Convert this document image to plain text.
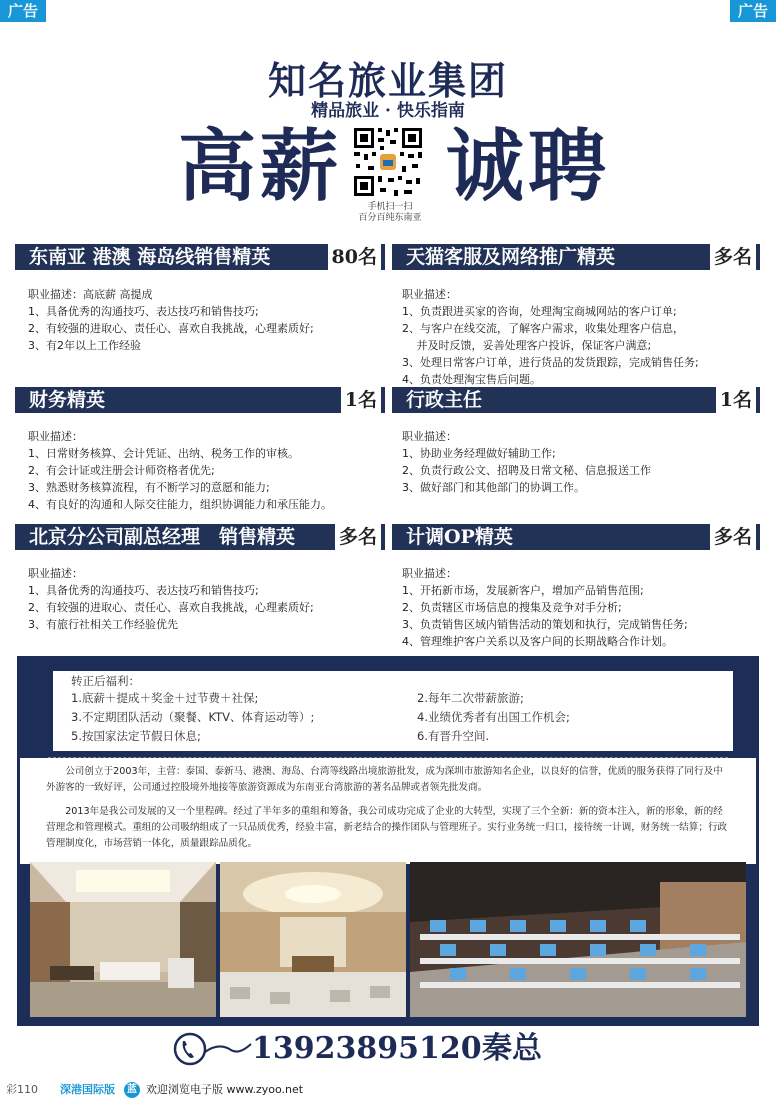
广告	广告
知名旅业集团
精品旅业 · 快乐指南
高薪 诚聘
手机扫一扫
百分百纯东南亚
东南亚 港澳 海岛线销售精英	80名 天猫客服及网络推广精英	多名
职业描述：高底薪 高提成
1、具备优秀的沟通技巧、表达技巧和销售技巧;
2、有较强的进取心、责任心、喜欢自我挑战，心理素质好;
3、有2年以上工作经验
职业描述：
1、负责跟进买家的咨询，处理淘宝商城网站的客户订单;
2、与客户在线交流，了解客户需求，收集处理客户信息，
　 并及时反馈，妥善处理客户投诉，保证客户满意;
3、处理日常客户订单，进行货品的发货跟踪，完成销售任务;
4、负责处理淘宝售后问题。
财务精英	1名 行政主任	1名
职业描述：
1、日常财务核算、会计凭证、出纳、税务工作的审核。
2、有会计证或注册会计师资格者优先;
3、熟悉财务核算流程，有不断学习的意愿和能力;
4、有良好的沟通和人际交往能力，组织协调能力和承压能力。
职业描述：
1、协助业务经理做好辅助工作;
2、负责行政公文、招聘及日常文秘、信息报送工作
3、做好部门和其他部门的协调工作。
北京分公司副总经理　销售精英 多名 计调OP精英	多名
职业描述：
1、具备优秀的沟通技巧、表达技巧和销售技巧;
2、有较强的进取心、责任心、喜欢自我挑战，心理素质好;
3、有旅行社相关工作经验优先
职业描述：
1、开拓新市场，发展新客户，增加产品销售范围;
2、负责辖区市场信息的搜集及竞争对手分析;
3、负责销售区域内销售活动的策划和执行，完成销售任务;
4、管理维护客户关系以及客户间的长期战略合作计划。
转正后福利：
1.底薪＋提成＋奖金＋过节费＋社保;	2.每年二次带薪旅游;
3.不定期团队活动（聚餐、KTV、体育运动等）;	4.业绩优秀者有出国工作机会;
5.按国家法定节假日休息;	6.有晋升空间.

公司创立于2003年，主营：泰国、泰新马、港澳、海岛、台湾等线路出境旅游批发，成为深圳市旅游知名企业，以良好的信誉，优质的服务获得了同行及中外游客的一致好评，公司通过控股境外地接等旅游资源成为东南亚台湾旅游的著名品牌或者领先批发商。

2013年是我公司发展的又一个里程碑。经过了半年多的重组和筹备，我公司成功完成了企业的大转型，实现了三个全新：新的资本注入，新的形象，新的经营理念和管理模式。重组的公司吸纳组成了一只品质优秀，经验丰富，新老结合的操作团队与管理班子。实行业务统一归口，接待统一计调，财务统一结算；行政管理制度化，市场营销一体化，质量跟踪品质化。

13923895120 秦总
彩110 深港国际版	蓝 欢迎浏览电子版 www.zyoo.net
